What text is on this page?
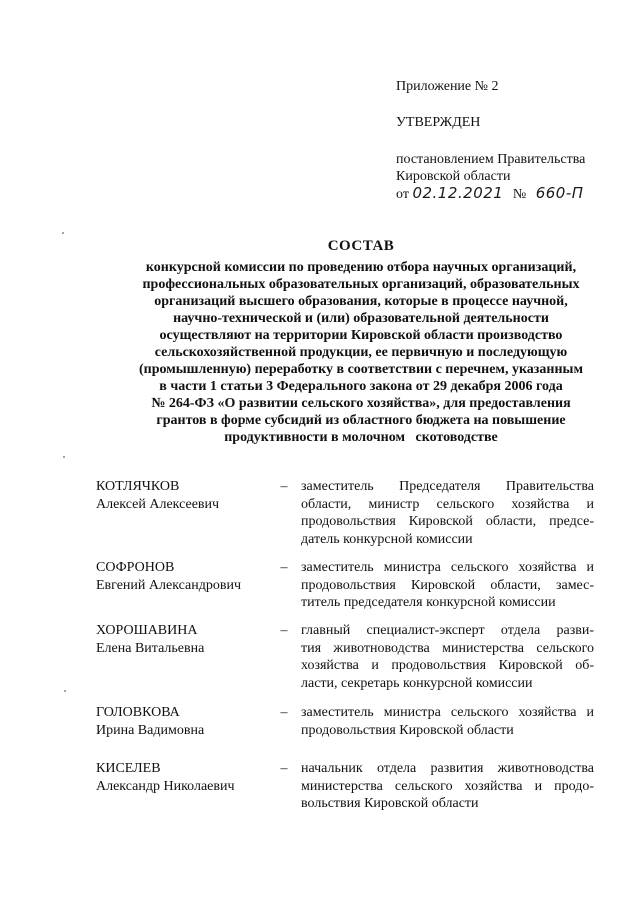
Приложение № 2
УТВЕРЖДЕН
постановлением Правительства
Кировской области
от 02.12.2021 № 660-П
СОСТАВ
конкурсной комиссии по проведению отбора научных организаций,
профессиональных образовательных организаций, образовательных
организаций высшего образования, которые в процессе научной,
научно-технической и (или) образовательной деятельности
осуществляют на территории Кировской области производство
сельскохозяйственной продукции, ее первичную и последующую
(промышленную) переработку в соответствии с перечнем, указанным
в части 1 статьи 3 Федерального закона от 29 декабря 2006 года
№ 264-ФЗ «О развитии сельского хозяйства», для предоставления
грантов в форме субсидий из областного бюджета на повышение
продуктивности в молочном   скотоводстве
КОТЛЯЧКОВ
Алексей Алексеевич
– заместитель Председателя Правительства
области, министр сельского хозяйства и
продовольствия Кировской области, предсе-
датель конкурсной комиссии
СОФРОНОВ
Евгений Александрович
– заместитель министра сельского хозяйства и
продовольствия Кировской области, замес-
титель председателя конкурсной комиссии
ХОРОШАВИНА
Елена Витальевна
– главный специалист-эксперт отдела разви-
тия животноводства министерства сельского
хозяйства и продовольствия Кировской об-
ласти, секретарь конкурсной комиссии
ГОЛОВКОВА
Ирина Вадимовна
– заместитель министра сельского хозяйства и
продовольствия Кировской области
КИСЕЛЕВ
Александр Николаевич
– начальник отдела развития животноводства
министерства сельского хозяйства и продо-
вольствия Кировской области
